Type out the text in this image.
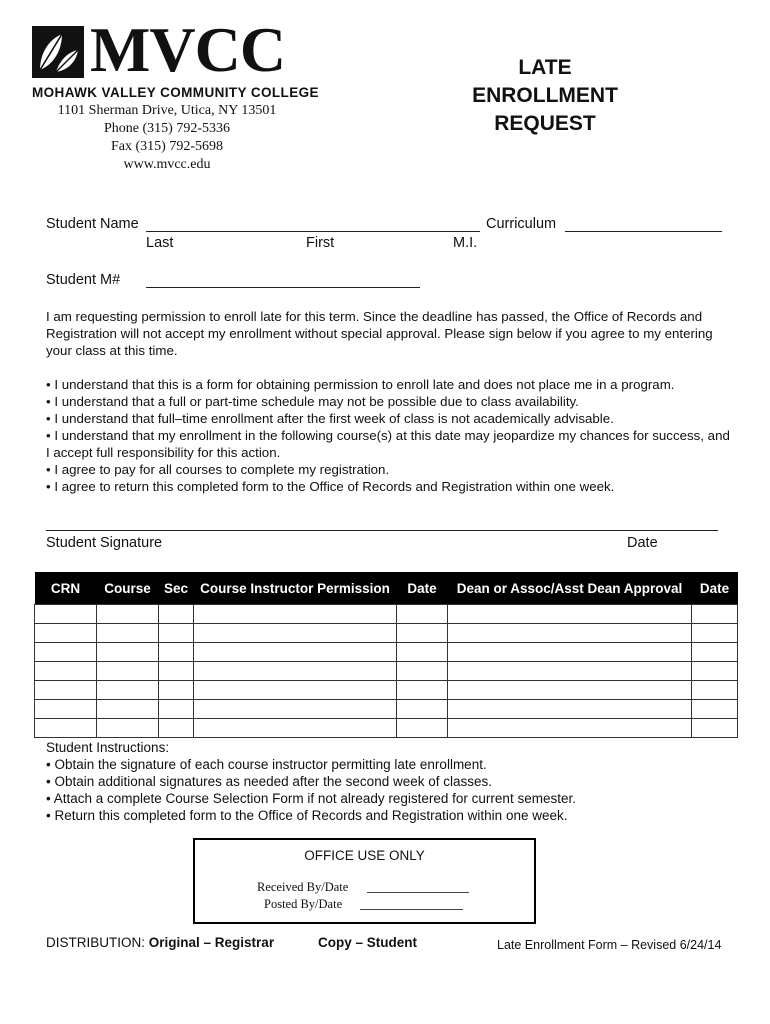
MVCC
MOHAWK VALLEY COMMUNITY COLLEGE
1101 Sherman Drive, Utica, NY 13501
Phone (315) 792-5336
Fax (315) 792-5698
www.mvcc.edu
LATE
ENROLLMENT
REQUEST
Student Name	Curriculum
Last	First	M.I.
Student M#
I am requesting permission to enroll late for this term. Since the deadline has passed, the Office of Records and Registration will not accept my enrollment without special approval. Please sign below if you agree to my entering your class at this time.
• I understand that this is a form for obtaining permission to enroll late and does not place me in a program.
• I understand that a full or part-time schedule may not be possible due to class availability.
• I understand that full–time enrollment after the first week of class is not academically advisable.
• I understand that my enrollment in the following course(s) at this date may jeopardize my chances for success, and I accept full responsibility for this action.
• I agree to pay for all courses to complete my registration.
• I agree to return this completed form to the Office of Records and Registration within one week.
Student Signature	Date
CRN	Course	Sec	Course Instructor Permission	Date	Dean or Assoc/Asst Dean Approval	Date

Student Instructions:
• Obtain the signature of each course instructor permitting late enrollment.
• Obtain additional signatures as needed after the second week of classes.
• Attach a complete Course Selection Form if not already registered for current semester.
• Return this completed form to the Office of Records and Registration within one week.
OFFICE USE ONLY
Received By/Date
Posted By/Date
DISTRIBUTION: Original – Registrar	Copy – Student	Late Enrollment Form – Revised 6/24/14
